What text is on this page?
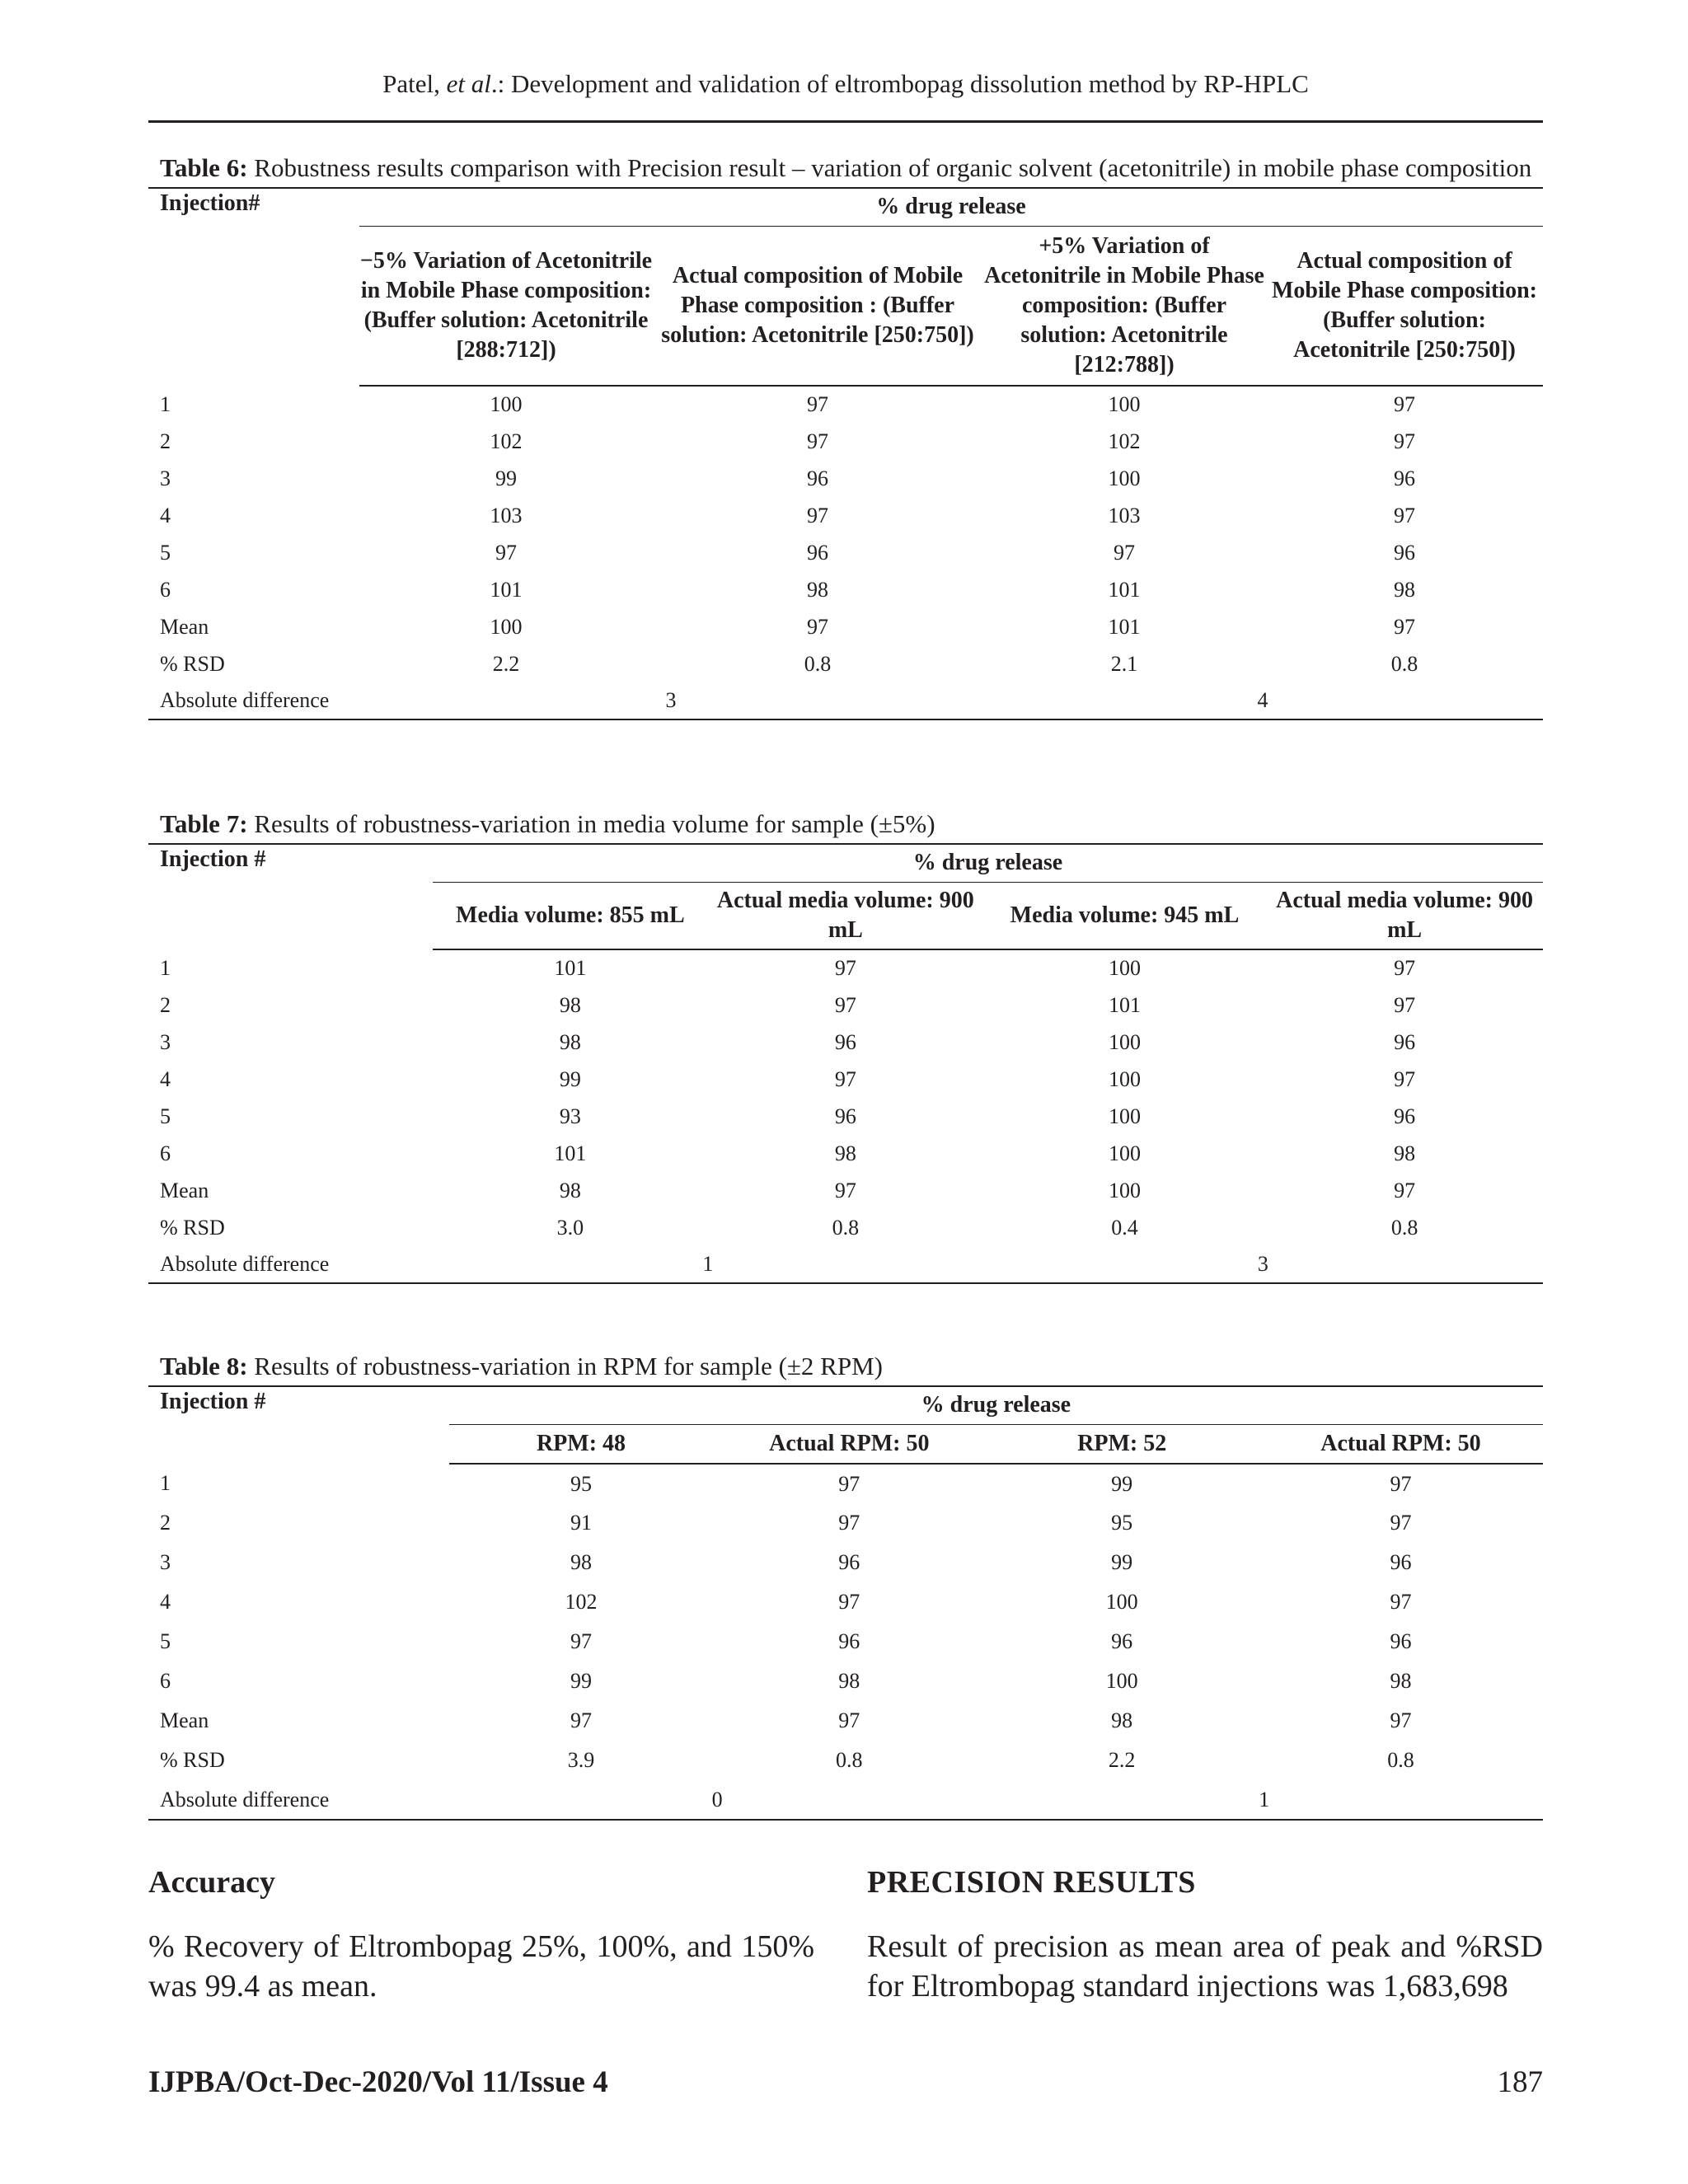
Patel, et al.: Development and validation of eltrombopag dissolution method by RP-HPLC
Table 6: Robustness results comparison with Precision result – variation of organic solvent (acetonitrile) in mobile phase composition
Injection#	% drug release			
	−5% Variation of Acetonitrile in Mobile Phase composition: (Buffer solution: Acetonitrile [288:712])	Actual composition of Mobile Phase composition : (Buffer solution: Acetonitrile [250:750])	+5% Variation of Acetonitrile in Mobile Phase composition: (Buffer solution: Acetonitrile [212:788])	Actual composition of Mobile Phase composition: (Buffer solution: Acetonitrile [250:750])
1	100	97	100	97
2	102	97	102	97
3	99	96	100	96
4	103	97	103	97
5	97	96	97	96
6	101	98	101	98
Mean	100	97	101	97
% RSD	2.2	0.8	2.1	0.8
Absolute difference	3		4	
Table 7: Results of robustness-variation in media volume for sample (±5%)
Injection #	% drug release			
	Media volume: 855 mL	Actual media volume: 900 mL	Media volume: 945 mL	Actual media volume: 900 mL
1	101	97	100	97
2	98	97	101	97
3	98	96	100	96
4	99	97	100	97
5	93	96	100	96
6	101	98	100	98
Mean	98	97	100	97
% RSD	3.0	0.8	0.4	0.8
Absolute difference	1		3	
Table 8: Results of robustness-variation in RPM for sample (±2 RPM)
Injection #	% drug release			
	RPM: 48	Actual RPM: 50	RPM: 52	Actual RPM: 50
1	95	97	99	97
2	91	97	95	97
3	98	96	99	96
4	102	97	100	97
5	97	96	96	96
6	99	98	100	98
Mean	97	97	98	97
% RSD	3.9	0.8	2.2	0.8
Absolute difference	0		1	
Accuracy
% Recovery of Eltrombopag 25%, 100%, and 150% was 99.4 as mean.
PRECISION RESULTS
Result of precision as mean area of peak and %RSD for Eltrombopag standard injections was 1,683,698
IJPBA/Oct-Dec-2020/Vol 11/Issue 4	187
